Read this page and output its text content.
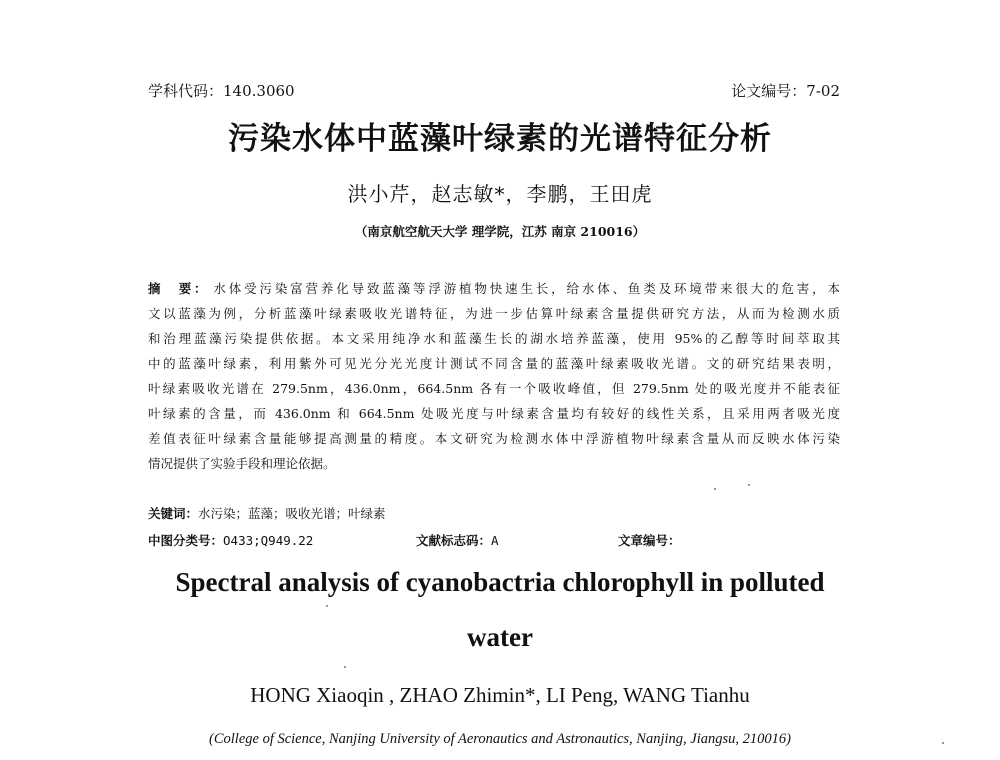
学科代码：140.3060	论文编号：7-02
污染水体中蓝藻叶绿素的光谱特征分析
洪小芹，赵志敏*，李鹏，王田虎
（南京航空航天大学 理学院，江苏 南京 210016）
摘　要： 水体受污染富营养化导致蓝藻等浮游植物快速生长，给水体、鱼类及环境带来很大的危害，本
文以蓝藻为例，分析蓝藻叶绿素吸收光谱特征，为进一步估算叶绿素含量提供研究方法，从而为检测水质
和治理蓝藻污染提供依据。本文采用纯净水和蓝藻生长的湖水培养蓝藻，使用 95%的乙醇等时间萃取其
中的蓝藻叶绿素，利用紫外可见光分光光度计测试不同含量的蓝藻叶绿素吸收光谱。文的研究结果表明，
叶绿素吸收光谱在 279.5nm，436.0nm，664.5nm 各有一个吸收峰值，但 279.5nm 处的吸光度并不能表征
叶绿素的含量，而 436.0nm 和 664.5nm 处吸光度与叶绿素含量均有较好的线性关系，且采用两者吸光度
差值表征叶绿素含量能够提高测量的精度。本文研究为检测水体中浮游植物叶绿素含量从而反映水体污染
情况提供了实验手段和理论依据。
关键词：水污染；蓝藻；吸收光谱；叶绿素
中图分类号：O433;Q949.22	文献标志码：A	文章编号：
Spectral analysis of cyanobactria chlorophyll in polluted
water
HONG Xiaoqin , ZHAO Zhimin*, LI Peng, WANG Tianhu
(College of Science, Nanjing University of Aeronautics and Astronautics, Nanjing, Jiangsu, 210016)
